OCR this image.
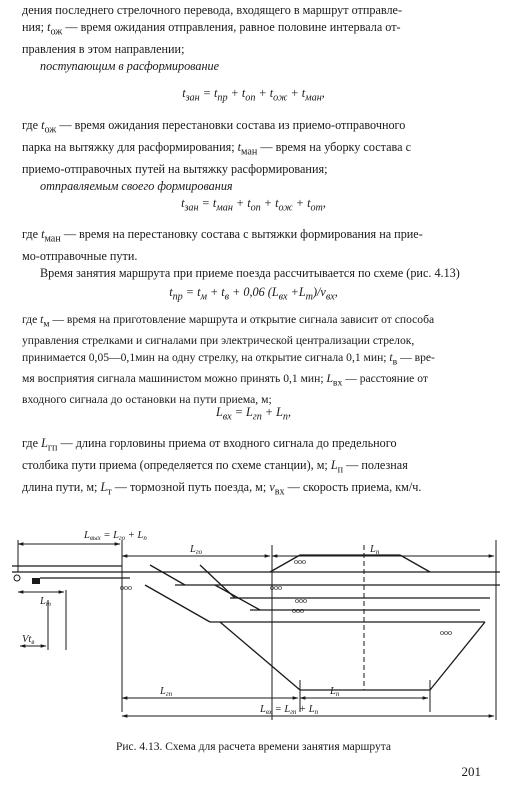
дения последнего стрелочного перевода, входящего в маршрут отправле-

ния; $t_{ож}$ — время ожидания отправления, равное половине интервала от-

правления в этом направлении;

поступающим в расформирование

$t_{зан} = t_{пр} + t_{оп} + t_{ож} + t_{ман}$,

где $t_{ож}$ — время ожидания перестановки состава из приемо-отправочного

парка на вытяжку для расформирования; $t_{ман}$ — время на уборку состава с

приемо-отправочных путей на вытяжку расформирования;

отправляемым своего формирования

$t_{зан} = t_{ман} + t_{оп} + t_{ож} + t_{от}$,

где $t_{ман}$ — время на перестановку состава с вытяжки формирования на прие-

мо-отправочные пути.

Время занятия маршрута при приеме поезда рассчитывается по схеме (рис. 4.13)

$t_{пр} = t_м + t_в + 0,06$ $(L_{вх} +L_т)/v_{вх}$,

где $t_м$ — время на приготовление маршрута и открытие сигнала зависит от способа

управления стрелками и сигналами при электрической централизации стрелок,

принимается 0,05—0,1мин на одну стрелку, на открытие сигнала 0,1 мин; $t_в$ — вре-

мя восприятия сигнала машинистом можно принять 0,1 мин; $L_{вх}$ — расстояние от

входного сигнала до остановки на пути приема, м;

$L_{вх} = L_{гп} + L_п$,

где $L_{гп}$ — длина горловины приема от входного сигнала до предельного

столбика пути приема (определяется по схеме станции), м; $L_п$ — полезная

длина пути, м; $L_т$ — тормозной путь поезда, м; $v_{вх}$ — скорость приема, км/ч.

ooo	ooo
ooo
ooo
ooo
ooo
Lвых = Lго + Lп
Lго	Lп
Lт
Vtв
Lгп	Lп
Lвх = Lгп + Lп
Рис. 4.13. Схема для расчета времени занятия маршрута
201
